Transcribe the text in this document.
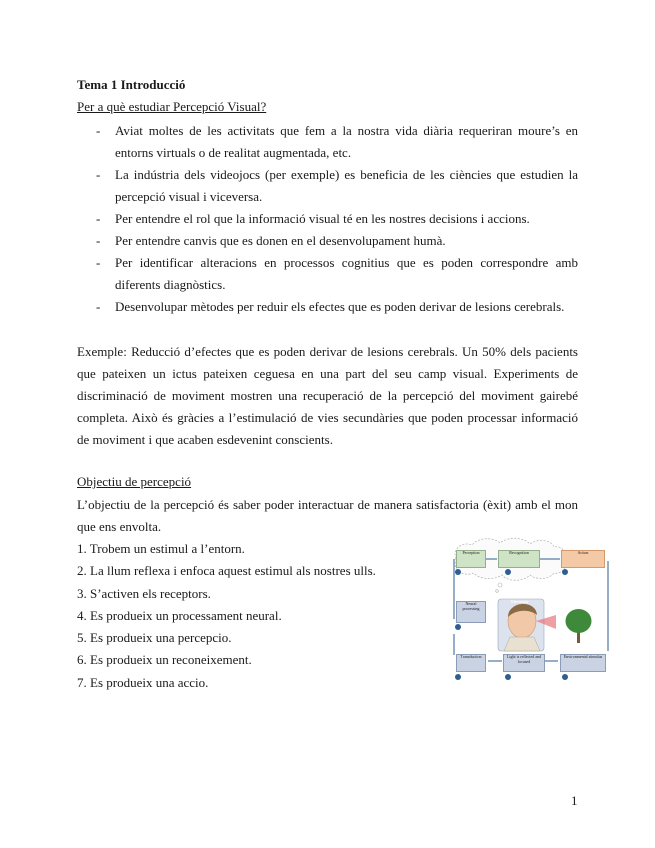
Tema 1 Introducció
Per a què estudiar Percepció Visual?
- Aviat moltes de les activitats que fem a la nostra vida diària requeriran moure’s en entorns virtuals o de realitat augmentada, etc.
- La indústria dels videojocs (per exemple) es beneficia de les ciències que estudien la percepció visual i viceversa.
- Per entendre el rol que la informació visual té en les nostres decisions i accions.
- Per entendre canvis que es donen en el desenvolupament humà.
- Per identificar alteracions en processos cognitius que es poden correspondre amb diferents diagnòstics.
- Desenvolupar mètodes per reduir els efectes que es poden derivar de lesions cerebrals.

Exemple: Reducció d’efectes que es poden derivar de lesions cerebrals. Un 50% dels pacients que pateixen un ictus pateixen ceguesa en una part del seu camp visual. Experiments de discriminació de moviment mostren una recuperació de la percepció del moviment gairebé completa. Això és gràcies a l’estimulació de vies secundàries que poden processar informació de moviment i que acaben esdevenint conscients.

Objectiu de percepció

L’objectiu de la percepció és saber poder interactuar de manera satisfactoria (èxit) amb el mon que ens envolta.

1. Trobem un estimul a l’entorn.
2. La llum reflexa i enfoca aquest estimul als nostres ulls.
3. S’activen els receptors.
4. Es produeix un processament neural.
5. Es produeix una percepcio.
6. Es produeix un reconeixement.
7. Es produeix una accio.
Perception	Recognition	Action
Neural processing
Electricity
Transduction	Light is reflected and focused
Environmental stimulus
1
